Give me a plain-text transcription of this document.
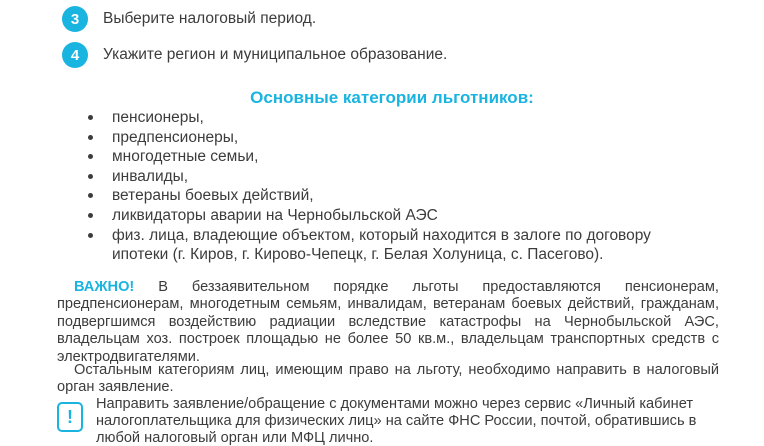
3	Выберите налоговый период.
4	Укажите регион и муниципальное образование.
Основные категории льготников:
пенсионеры,
предпенсионеры,
многодетные семьи,
инвалиды,
ветераны боевых действий,
ликвидаторы аварии на Чернобыльской АЭС
физ. лица, владеющие объектом, который находится в залоге по договору ипотеки (г. Киров, г. Кирово-Чепецк, г. Белая Холуница, с. Пасегово).
ВАЖНО! В беззаявительном порядке льготы предоставляются пенсионерам, предпенсионерам, многодетным семьям, инвалидам, ветеранам боевых действий, гражданам, подвергшимся воздействию радиации вследствие катастрофы на Чернобыльской АЭС, владельцам хоз. построек площадью не более 50 кв.м., владельцам транспортных средств с электродвигателями.
Остальным категориям лиц, имеющим право на льготу, необходимо направить в налоговый орган заявление.
!
Направить заявление/обращение с документами можно через сервис «Личный кабинет налогоплательщика для физических лиц» на сайте ФНС России, почтой, обратившись в любой налоговый орган или МФЦ лично.
